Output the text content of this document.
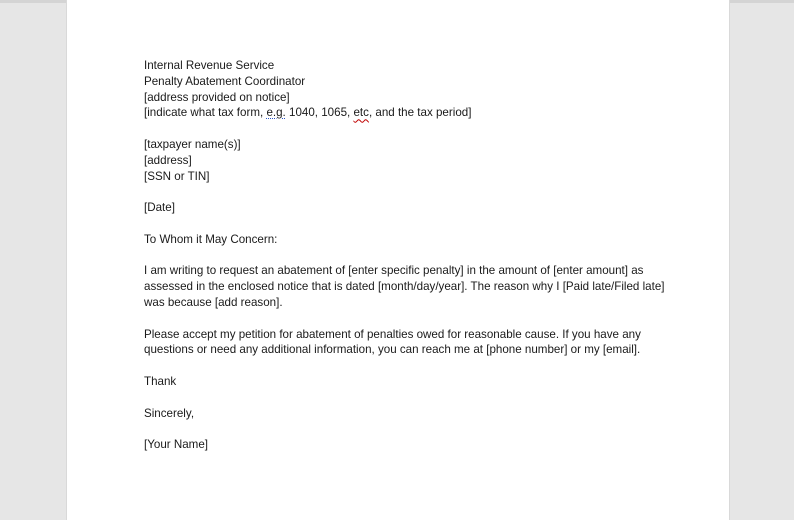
Internal Revenue Service
Penalty Abatement Coordinator
[address provided on notice]
[indicate what tax form, e.g. 1040, 1065, etc, and the tax period]
[taxpayer name(s)]
[address]
[SSN or TIN]
[Date]
To Whom it May Concern:
I am writing to request an abatement of [enter specific penalty] in the amount of [enter amount] as
assessed in the enclosed notice that is dated [month/day/year]. The reason why I [Paid late/Filed late]
was because [add reason].
Please accept my petition for abatement of penalties owed for reasonable cause. If you have any
questions or need any additional information, you can reach me at [phone number] or my [email].
Thank
Sincerely,
[Your Name]
